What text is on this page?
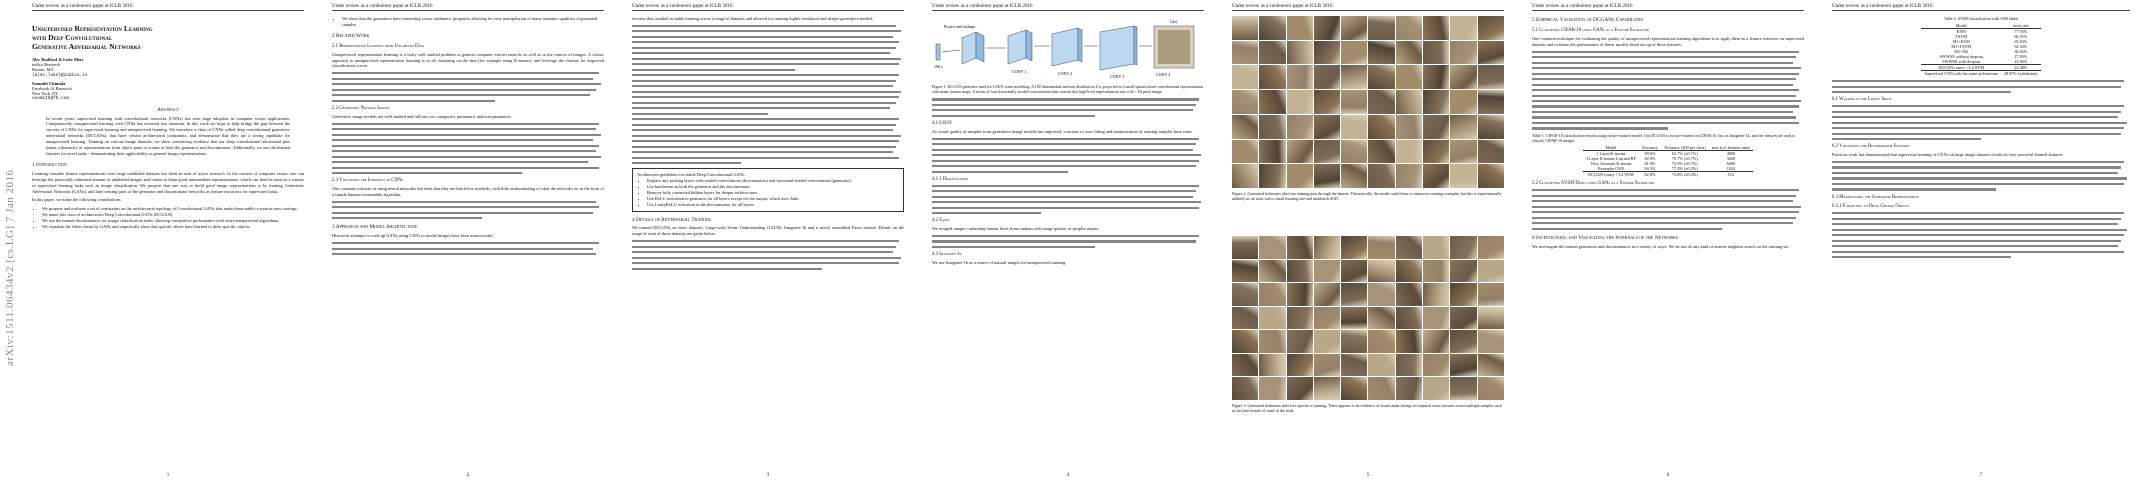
arXiv:1511.06434v2 [cs.LG] 7 Jan 2016
Under review as a conference paper at ICLR 2016
Unsupervised Representation Learning
with Deep Convolutional
Generative Adversarial Networks
Alec Radford & Luke Metz
indico Research
Boston, MA
{alec,luke}@indico.io
Soumith Chintala
Facebook AI Research
New York, NY
soumith@fb.com
Abstract

In recent years, supervised learning with convolutional networks (CNNs) has seen huge adoption in computer vision applications. Comparatively, unsupervised learning with CNNs has received less attention. In this work we hope to help bridge the gap between the success of CNNs for supervised learning and unsupervised learning. We introduce a class of CNNs called deep convolutional generative adversarial networks (DCGANs), that have certain architectural constraints, and demonstrate that they are a strong candidate for unsupervised learning. Training on various image datasets, we show convincing evidence that our deep convolutional adversarial pair learns a hierarchy of representations from object parts to scenes in both the generator and discriminator. Additionally, we use the learned features for novel tasks - demonstrating their applicability as general image representations.

1 Introduction

Learning reusable feature representations from large unlabeled datasets has been an area of active research. In the context of computer vision, one can leverage the practically unlimited amount of unlabeled images and videos to learn good intermediate representations, which can then be used on a variety of supervised learning tasks such as image classification. We propose that one way to build good image representations is by training Generative Adversarial Networks (GANs), and later reusing parts of the generator and discriminator networks as feature extractors for supervised tasks.

In this paper, we make the following contributions

• We propose and evaluate a set of constraints on the architectural topology of Convolutional GANs that make them stable to train in most settings. We name this class of architectures Deep Convolutional GANs (DCGAN)
• We use the trained discriminators for image classification tasks, showing competitive performance with other unsupervised algorithms.
• We visualize the filters learnt by GANs and empirically show that specific filters have learned to draw specific objects.
1
Under review as a conference paper at ICLR 2016
• We show that the generators have interesting vector arithmetic properties allowing for easy manipulation of many semantic qualities of generated samples.
2 Related Work
2.1 Representation Learning from Unlabeled Data

Unsupervised representation learning is a fairly well studied problem in general computer vision research, as well as in the context of images. A classic approach to unsupervised representation learning is to do clustering on the data (for example using K-means), and leverage the clusters for improved classification scores.

2.2 Generating Natural Images

Generative image models are well studied and fall into two categories: parametric and non-parametric.

2.3 Visualizing the Internals of CNNs

One constant criticism of using neural networks has been that they are black-box methods, with little understanding of what the networks do in the form of a simple human-consumable algorithm.

3 Approach and Model Architecture

Historical attempts to scale up GANs using CNNs to model images have been unsuccessful.

2
Under review as a conference paper at ICLR 2016

tectures that resulted in stable training across a range of datasets and allowed for training higher resolution and deeper generative models.

Architecture guidelines for stable Deep Convolutional GANs
• Replace any pooling layers with strided convolutions (discriminator) and fractional-strided convolutions (generator).
• Use batchnorm in both the generator and the discriminator.
• Remove fully connected hidden layers for deeper architectures.
• Use ReLU activation in generator for all layers except for the output, which uses Tanh.
• Use LeakyReLU activation in the discriminator for all layers.
4 Details of Adversarial Training

We trained DCGANs on three datasets, Large-scale Scene Understanding (LSUN), Imagenet-1k and a newly assembled Faces dataset. Details on the usage of each of these datasets are given below.

3
Under review as a conference paper at ICLR 2016
100 z
Project and reshape
CONV 1	CONV 2
CONV 3	CONV 4
G(z)
Figure 1: DCGAN generator used for LSUN scene modeling. A 100 dimensional uniform distribution Z is projected to a small spatial extent convolutional representation with many feature maps. A series of four fractionally-strided convolutions then convert this high level representation into a 64 × 64 pixel image.
4.1 LSUN

As visual quality of samples from generative image models has improved, concerns of over-fitting and memorization of training samples have risen.

4.1.1 Deduplication
4.2 Faces

We scraped images containing human faces from random web image queries of peoples names.

4.3 Imagenet-1k

We use Imagenet-1k as a source of natural images for unsupervised training.

4
Under review as a conference paper at ICLR 2016
Figure 2: Generated bedrooms after one training pass through the dataset. Theoretically, the model could learn to memorize training examples, but this is experimentally unlikely as we train with a small learning rate and minibatch SGD.
Figure 3: Generated bedrooms after five epochs of training. There appears to be evidence of visual under-fitting via repeated noise textures across multiple samples such as the base boards of some of the beds.
5
Under review as a conference paper at ICLR 2016
5 Empirical Validation of DCGANs Capabilities
5.1 Classifying CIFAR-10 using GANs as a Feature Extractor

One common technique for evaluating the quality of unsupervised representation learning algorithms is to apply them as a feature extractor on supervised datasets and evaluate the performance of linear models fitted on top of these features.

Table 1: CIFAR-10 classification results using our pre-trained model. Our DCGAN is not pre-trained on CIFAR-10, but on Imagenet-1k, and the features are used to classify CIFAR-10 images.
Model	Accuracy	Accuracy (400 per class)	max # of features units
1 Layer K-means	80.6%	63.7% (±0.7%)	4800
3 Layer K-means Learned RF	82.0%	70.7% (±0.7%)	3200
View Invariant K-means	81.9%	72.6% (±0.7%)	6400
Exemplar CNN	84.3%	77.4% (±0.2%)	1024
DCGAN (ours) + L2-SVM	82.8%	73.8% (±0.4%)	512
5.2 Classifying SVHN Digits using GANs as a Feature Extractor
6 Investigating and Visualizing the Internals of the Networks

We investigate the trained generators and discriminators in a variety of ways. We do not do any kind of nearest neighbor search on the training set.

6
Under review as a conference paper at ICLR 2016
Table 2: SVHN classification with 1000 labels
Model	error rate
KNN	77.93%
TSVM	66.55%
M1+KNN	65.63%
M1+TSVM	54.33%
M1+M2	36.02%
SWWAE without dropout	27.83%
SWWAE with dropout	23.56%
DCGAN (ours) + L2-SVM	22.48%
Supervised CNN with the same architecture	28.87% (validation)
6.1 Walking in the Latent Space
6.2 Visualizing the Discriminator Features

Previous work has demonstrated that supervised training of CNNs on large image datasets results in very powerful learned features.

6.3 Manipulating the Generator Representation
6.3.1 Forgetting to Draw Certain Objects
7
